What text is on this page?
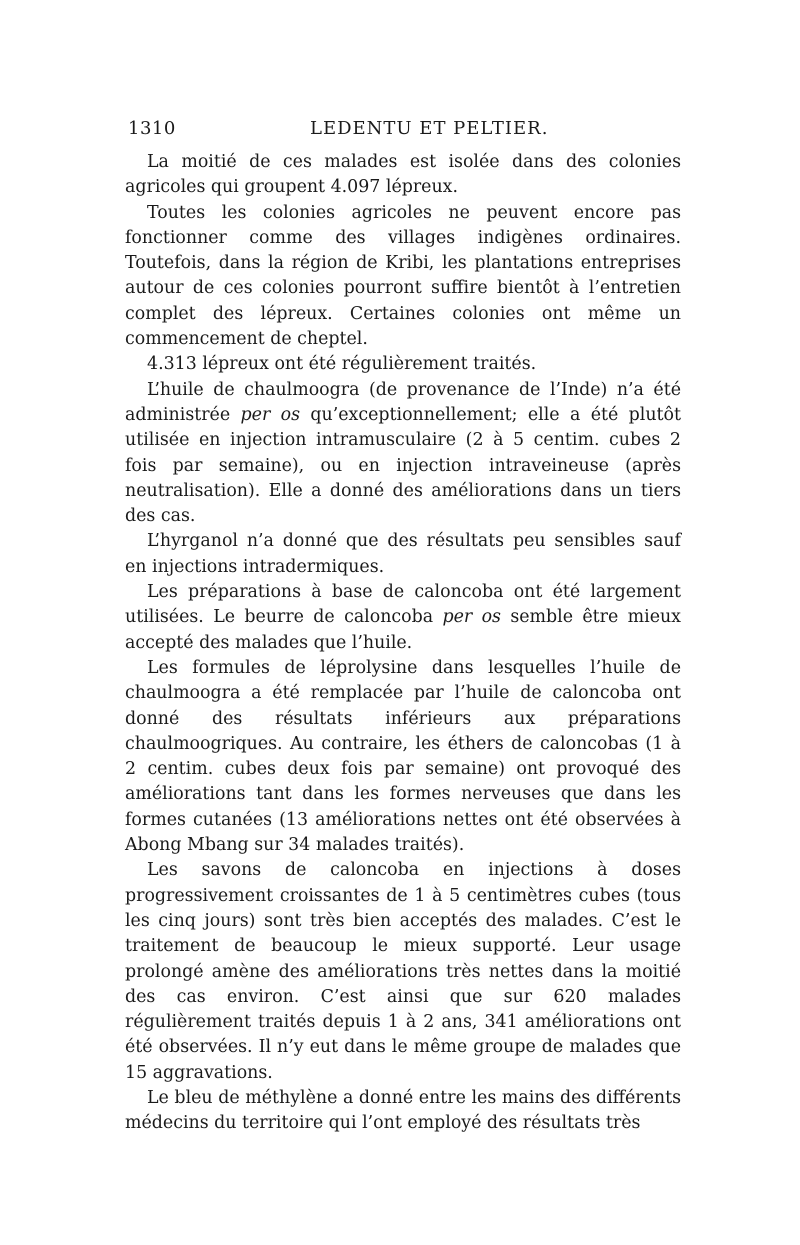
1310	LEDENTU ET PELTIER.

La moitié de ces malades est isolée dans des colonies agricoles qui groupent 4.097 lépreux.

Toutes les colonies agricoles ne peuvent encore pas fonctionner comme des villages indigènes ordinaires. Toutefois, dans la région de Kribi, les plantations entreprises autour de ces colonies pourront suffire bientôt à l’entretien complet des lépreux. Certaines colonies ont même un commencement de cheptel.

4.313 lépreux ont été régulièrement traités.

L’huile de chaulmoogra (de provenance de l’Inde) n’a été administrée per os qu’exceptionnellement; elle a été plutôt utilisée en injection intramusculaire (2 à 5 centim. cubes 2 fois par semaine), ou en injection intraveineuse (après neutralisation). Elle a donné des améliorations dans un tiers des cas.

L’hyrganol n’a donné que des résultats peu sensibles sauf en injections intradermiques.

Les préparations à base de caloncoba ont été largement utilisées. Le beurre de caloncoba per os semble être mieux accepté des malades que l’huile.

Les formules de léprolysine dans lesquelles l’huile de chaulmoogra a été remplacée par l’huile de caloncoba ont donné des résultats inférieurs aux préparations chaulmoogriques. Au contraire, les éthers de caloncobas (1 à 2 centim. cubes deux fois par semaine) ont provoqué des améliorations tant dans les formes nerveuses que dans les formes cutanées (13 améliorations nettes ont été observées à Abong Mbang sur 34 malades traités).

Les savons de caloncoba en injections à doses progressivement croissantes de 1 à 5 centimètres cubes (tous les cinq jours) sont très bien acceptés des malades. C’est le traitement de beaucoup le mieux supporté. Leur usage prolongé amène des améliorations très nettes dans la moitié des cas environ. C’est ainsi que sur 620 malades régulièrement traités depuis 1 à 2 ans, 341 améliorations ont été observées. Il n’y eut dans le même groupe de malades que 15 aggravations.

Le bleu de méthylène a donné entre les mains des différents médecins du territoire qui l’ont employé des résultats très
